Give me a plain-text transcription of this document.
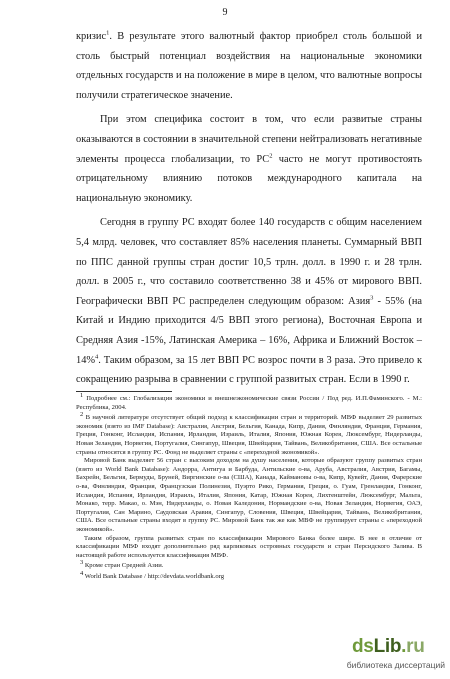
9

кризис$^1$. В результате этого валютный фактор приобрел столь большой и столь быстрый потенциал воздействия на национальные экономики отдельных государств и на положение в мире в целом, что валютные вопросы получили стратегическое значение.

При этом специфика состоит в том, что если развитые страны оказываются в состоянии в значительной степени нейтрализовать негативные элементы процесса глобализации, то $РС^2$ часто не могут противостоять отрицательному влиянию потоков международного капитала на национальную экономику.

Сегодня в группу РС входят более 140 государств с общим населением 5,4 млрд. человек, что составляет 85% населения планеты. Суммарный ВВП по ППС данной группы стран достиг 10,5 трлн. долл. в 1990 г. и 28 трлн. долл. в 2005 г., что составило соответственно 38 и 45% от мирового ВВП. Географически ВВП РС распределен следующим образом: Азия$^3$ - 55% (на Китай и Индию приходится 4/5 ВВП этого региона), Восточная Европа и Средняя Азия -15%, Латинская Америка – 16%, Африка и Ближний Восток – 14%$^4$. Таким образом, за 15 лет ВВП РС возрос почти в 3 раза. Это привело к сокращению разрыва в сравнении с группой развитых стран. Если в 1990 г.

$^1$ Подробнее см.: Глобализация экономики и внешнеэкономические связи России / Под ред. И.П.Фаминского. - М.: Республика, 2004.

$^2$ В научной литературе отсутствует общий подход к классификации стран и территорий. МВФ выделяет 29 развитых экономик (взято из IMF Database): Австралия, Австрия, Бельгия, Канада, Кипр, Дания, Финляндия, Франция, Германия, Греция, Гонконг, Исландия, Испания, Ирландия, Израиль, Италия, Япония, Южная Корея, Люксембург, Нидерланды, Новая Зеландия, Норвегия, Португалия, Сингапур, Швеция, Швейцария, Тайвань, Великобритания, США. Все остальные страны относятся в группу РС. Фонд не выделяет страны с «переходной экономикой».

Мировой Банк выделяет 56 стран с высоким доходом на душу населения, которые образуют группу развитых стран (взято из World Bank Database): Андорра, Антигуа и Барбуда, Антильские о-ва, Аруба, Австралия, Австрия, Багамы, Бахрейн, Бельгия, Бермуды, Бруней, Виргинские о-ва (США), Канада, Каймановы о-ва, Кипр, Кувейт, Дания, Фарерские о-ва, Финляндия, Франция, Французская Полинезия, Пуэрто Рико, Германия, Греция, о. Гуам, Гренландия, Гонконг, Исландия, Испания, Ирландия, Израиль, Италия, Япония, Катар, Южная Корея, Лихтенштейн, Люксембург, Мальта, Монако, терр. Макао, о. Мэн, Нидерланды, о. Новая Каледония, Нормандские о-ва, Новая Зеландия, Норвегия, ОАЭ, Португалия, Сан Марино, Саудовская Аравия, Сингапур, Словения, Швеция, Швейцария, Тайвань, Великобритания, США. Все остальные страны входят в группу РС. Мировой Банк так же как МВФ не группирует страны с «переходной экономикой».

Таким образом, группа развитых стран по классификации Мирового Банка более шире. В нее в отличие от классификации МВФ входят дополнительно ряд карликовых островных государств и стран Персидского Залива. В настоящей работе используется классификация МВФ.

$^3$ Кроме стран Средней Азии.

$^4$ World Bank Database / http://devdata.worldbank.org

dsLib.ru
библиотека диссертаций
